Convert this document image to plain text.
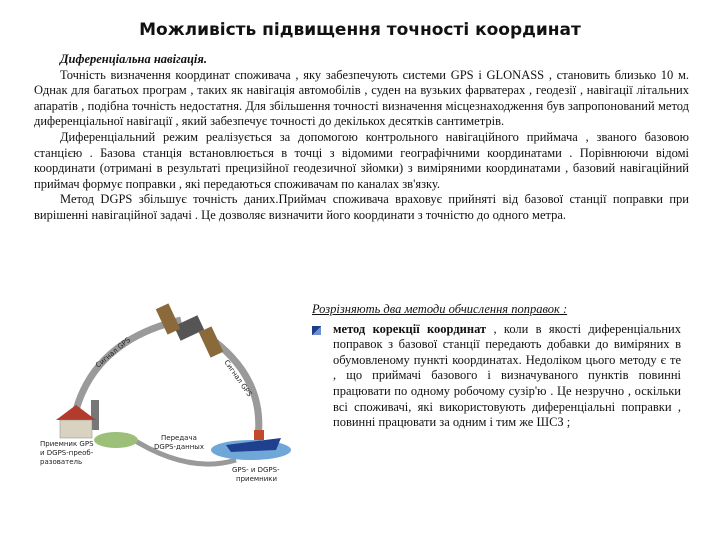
Можливість підвищення точності координат

Диференціальна навігація.

Точність визначення координат споживача , яку забезпечують системи GPS і GLONASS , становить близько 10 м. Однак для багатьох програм , таких як навігація автомобілів , суден на вузьких фарватерах , геодезії , навігації літальних апаратів , подібна точність недостатня. Для збільшення точності визначення місцезнаходження був запропонований метод диференціальної навігації , який забезпечує точності до декількох десятків сантиметрів.

Диференціальний режим реалізується за допомогою контрольного навігаційного приймача , званого базовою станцією . Базова станція встановлюється в точці з відомими географічними координатами . Порівнюючи відомі координати (отримані в результаті прецизійної геодезичної зйомки) з виміряними координатами , базовий навігаційний приймач формує поправки , які передаються споживачам по каналах зв'язку.

Метод DGPS збільшує точність даних.Приймач споживача враховує прийняті від базової станції поправки при вирішенні навігаційної задачі . Це дозволяє визначити його координати з точністю до одного метра.

Сигнал GPS
Сигнал GPS
Приемник GPS
и DGPS-преоб-
разователь
Передача
DGPS-данных
GPS- и DGPS-
приемники
Розрізняють два методи обчислення поправок :
метод корекції координат , коли в якості диференціальних поправок з базової станції передають добавки до виміряних в обумовленому пункті координатах. Недоліком цього методу є те , що приймачі базового і визначуваного пунктів повинні працювати по одному робочому сузір'ю . Це незручно , оскільки всі споживачі, які використовують диференціальні поправки , повинні працювати за одним і тим же ШСЗ ;
